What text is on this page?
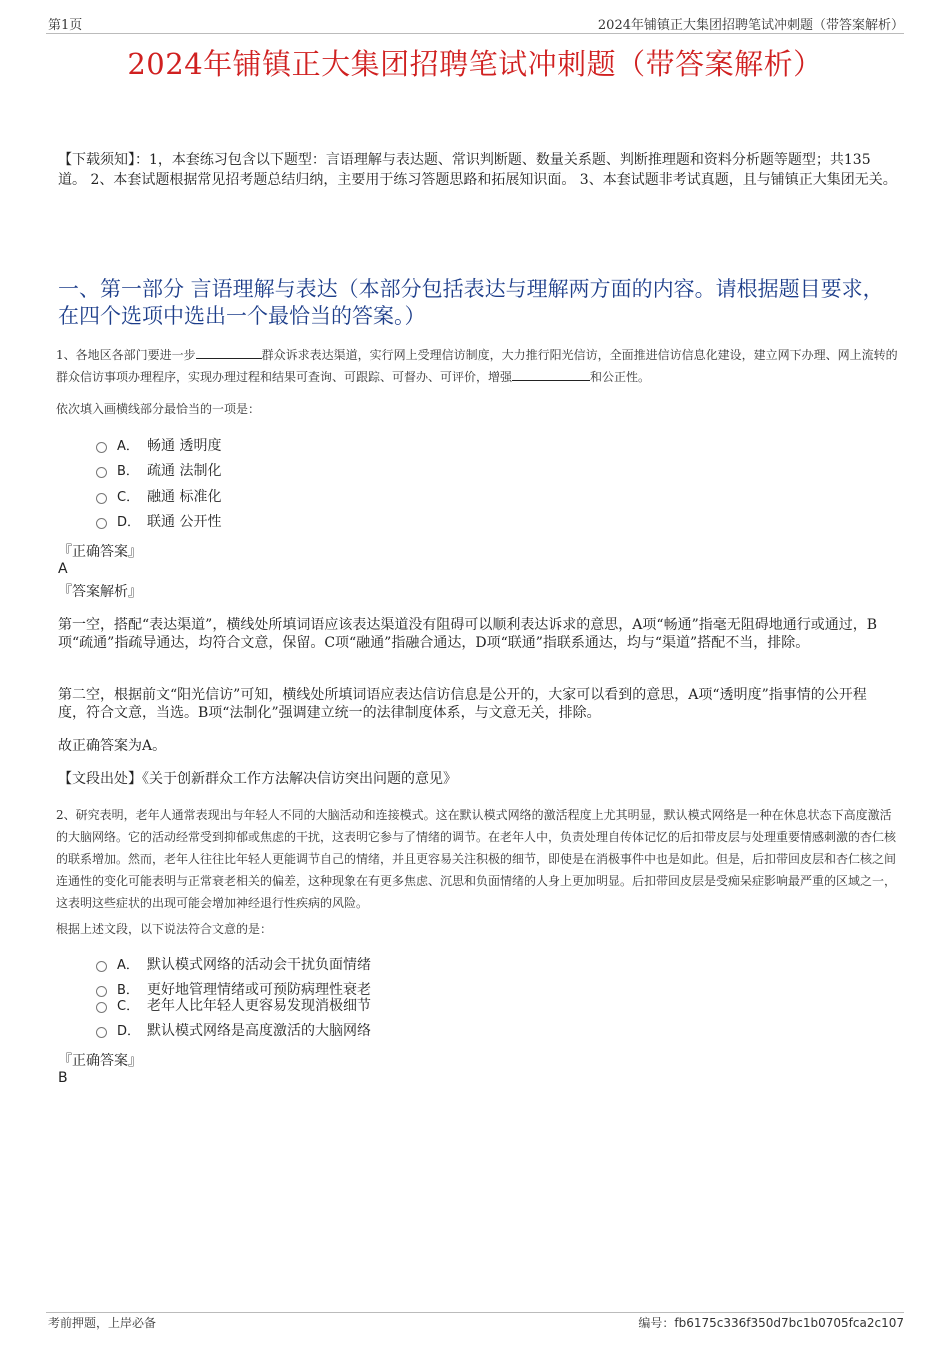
第1页	2024年铺镇正大集团招聘笔试冲刺题（带答案解析）
2024年铺镇正大集团招聘笔试冲刺题（带答案解析）
【下载须知】：1，本套练习包含以下题型：言语理解与表达题、常识判断题、数量关系题、判断推理题和资料分析题等题型；共135道。 2、本套试题根据常见招考题总结归纳，主要用于练习答题思路和拓展知识面。 3、本套试题非考试真题，且与铺镇正大集团无关。
一、第一部分 言语理解与表达（本部分包括表达与理解两方面的内容。请根据题目要求，在四个选项中选出一个最恰当的答案。）
1、各地区各部门要进一步	群众诉求表达渠道，实行网上受理信访制度，大力推行阳光信访，全面推进信访信息化建设，建立网下办理、网上流转的群众信访事项办理程序，实现办理过程和结果可查询、可跟踪、可督办、可评价，增强	和公正性。
依次填入画横线部分最恰当的一项是：
A． 畅通 透明度
B． 疏通 法制化
C． 融通 标准化
D． 联通 公开性
『正确答案』
A
『答案解析』
第一空，搭配“表达渠道”，横线处所填词语应该表达渠道没有阻碍可以顺利表达诉求的意思，A项“畅通”指毫无阻碍地通行或通过，B项“疏通”指疏导通达，均符合文意，保留。C项“融通”指融合通达，D项“联通”指联系通达，均与“渠道”搭配不当，排除。
第二空，根据前文“阳光信访”可知，横线处所填词语应表达信访信息是公开的，大家可以看到的意思，A项“透明度”指事情的公开程度，符合文意，当选。B项“法制化”强调建立统一的法律制度体系，与文意无关，排除。
故正确答案为A。
【文段出处】《关于创新群众工作方法解决信访突出问题的意见》
2、研究表明，老年人通常表现出与年轻人不同的大脑活动和连接模式。这在默认模式网络的激活程度上尤其明显，默认模式网络是一种在休息状态下高度激活的大脑网络。它的活动经常受到抑郁或焦虑的干扰，这表明它参与了情绪的调节。在老年人中，负责处理自传体记忆的后扣带皮层与处理重要情感刺激的杏仁核的联系增加。然而，老年人往往比年轻人更能调节自己的情绪，并且更容易关注积极的细节，即使是在消极事件中也是如此。但是，后扣带回皮层和杏仁核之间连通性的变化可能表明与正常衰老相关的偏差，这种现象在有更多焦虑、沉思和负面情绪的人身上更加明显。后扣带回皮层是受痴呆症影响最严重的区域之一，这表明这些症状的出现可能会增加神经退行性疾病的风险。
根据上述文段，以下说法符合文意的是：
A． 默认模式网络的活动会干扰负面情绪
B． 更好地管理情绪或可预防病理性衰老
C． 老年人比年轻人更容易发现消极细节
D． 默认模式网络是高度激活的大脑网络
『正确答案』
B
考前押题，上岸必备	编号：fb6175c336f350d7bc1b0705fca2c107
